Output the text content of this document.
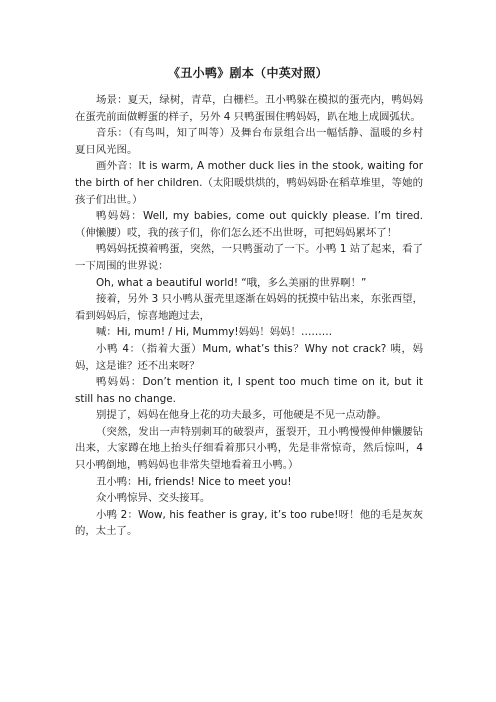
《丑小鸭》剧本（中英对照）

场景：夏天，绿树，青草，白栅栏。丑小鸭躲在模拟的蛋壳内，鸭妈妈在蛋壳前面做孵蛋的样子，另外 4 只鸭蛋围住鸭妈妈，趴在地上成圆弧状。

音乐：（有鸟叫，知了叫等）及舞台布景组合出一幅恬静、温暖的乡村夏日风光图。

画外音：It is warm, A mother duck lies in the stook, waiting for the birth of her children.（太阳暖烘烘的，鸭妈妈卧在稻草堆里，等她的孩子们出世。）

鸭妈妈：Well, my babies, come out quickly please. I’m tired.（伸懒腰）哎，我的孩子们，你们怎么还不出世呀，可把妈妈累坏了！

鸭妈妈抚摸着鸭蛋，突然，一只鸭蛋动了一下。小鸭 1 站了起来，看了一下周围的世界说：

Oh, what a beautiful world! “哦，多么美丽的世界啊！”

接着，另外 3 只小鸭从蛋壳里逐渐在妈妈的抚摸中钻出来，东张西望，看到妈妈后，惊喜地跑过去，

喊：Hi, mum! / Hi, Mummy!妈妈！妈妈！………

小鸭 4：（指着大蛋）Mum, what’s this？Why not crack? 咦，妈妈，这是谁？还不出来呀？

鸭妈妈：Don’t mention it, I spent too much time on it, but it still has no change.

别提了，妈妈在他身上花的功夫最多，可他硬是不见一点动静。

（突然，发出一声特别刺耳的破裂声，蛋裂开，丑小鸭慢慢伸伸懒腰钻出来，大家蹲在地上抬头仔细看着那只小鸭，先是非常惊奇，然后惊叫，4 只小鸭倒地，鸭妈妈也非常失望地看着丑小鸭。）

丑小鸭：Hi, friends! Nice to meet you!

众小鸭惊异、交头接耳。

小鸭 2：Wow, his feather is gray, it’s too rube!呀！他的毛是灰灰的，太土了。
